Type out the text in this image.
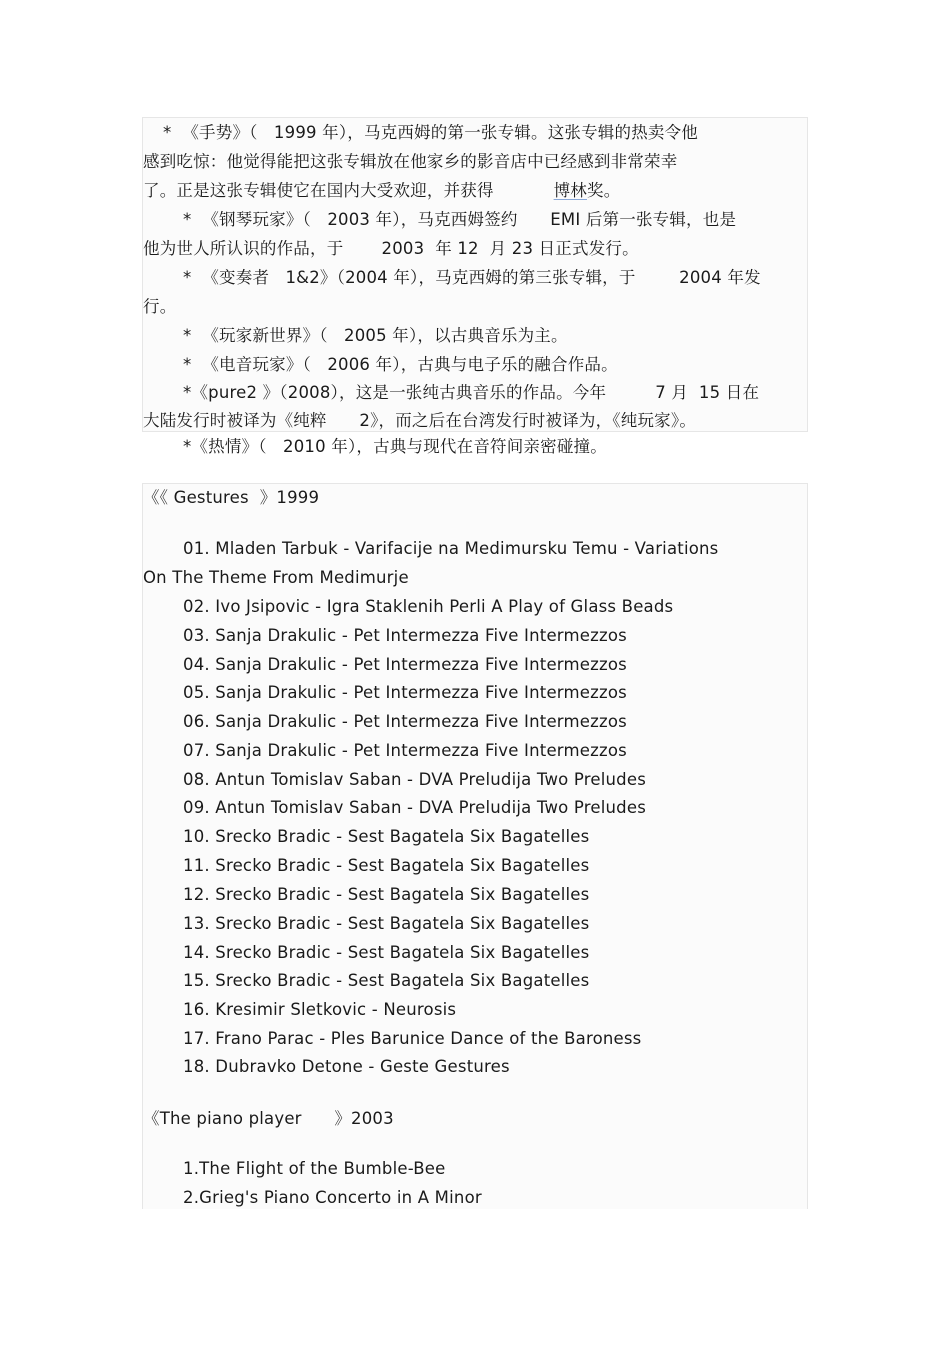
*  《手势》（   1999 年），马克西姆的第一张专辑。这张专辑的热卖令他
感到吃惊：他觉得能把这张专辑放在他家乡的影音店中已经感到非常荣幸
了。正是这张专辑使它在国内大受欢迎，并获得           博林奖。
*  《钢琴玩家》（   2003 年），马克西姆签约      EMI 后第一张专辑，也是
他为世人所认识的作品，于       2003  年 12  月 23 日正式发行。
*  《变奏者   1&2》（2004 年），马克西姆的第三张专辑，于        2004 年发
行。
*  《玩家新世界》（   2005 年），以古典音乐为主。
*  《电音玩家》（   2006 年），古典与电子乐的融合作品。
*《pure2 》（2008），这是一张纯古典音乐的作品。今年         7 月  15 日在
大陆发行时被译为《纯粹      2》，而之后在台湾发行时被译为，《纯玩家》。
*《热情》（   2010 年），古典与现代在音符间亲密碰撞。
《《 Gestures  》1999
01. Mladen Tarbuk - Varifacije na Medimursku Temu - Variations
On The Theme From Medimurje
02. Ivo Jsipovic - Igra Staklenih Perli A Play of Glass Beads
03. Sanja Drakulic - Pet Intermezza Five Intermezzos
04. Sanja Drakulic - Pet Intermezza Five Intermezzos
05. Sanja Drakulic - Pet Intermezza Five Intermezzos
06. Sanja Drakulic - Pet Intermezza Five Intermezzos
07. Sanja Drakulic - Pet Intermezza Five Intermezzos
08. Antun Tomislav Saban - DVA Preludija Two Preludes
09. Antun Tomislav Saban - DVA Preludija Two Preludes
10. Srecko Bradic - Sest Bagatela Six Bagatelles
11. Srecko Bradic - Sest Bagatela Six Bagatelles
12. Srecko Bradic - Sest Bagatela Six Bagatelles
13. Srecko Bradic - Sest Bagatela Six Bagatelles
14. Srecko Bradic - Sest Bagatela Six Bagatelles
15. Srecko Bradic - Sest Bagatela Six Bagatelles
16. Kresimir Sletkovic - Neurosis
17. Frano Parac - Ples Barunice Dance of the Baroness
18. Dubravko Detone - Geste Gestures
《The piano player      》2003
1.The Flight of the Bumble-Bee
2.Grieg's Piano Concerto in A Minor
